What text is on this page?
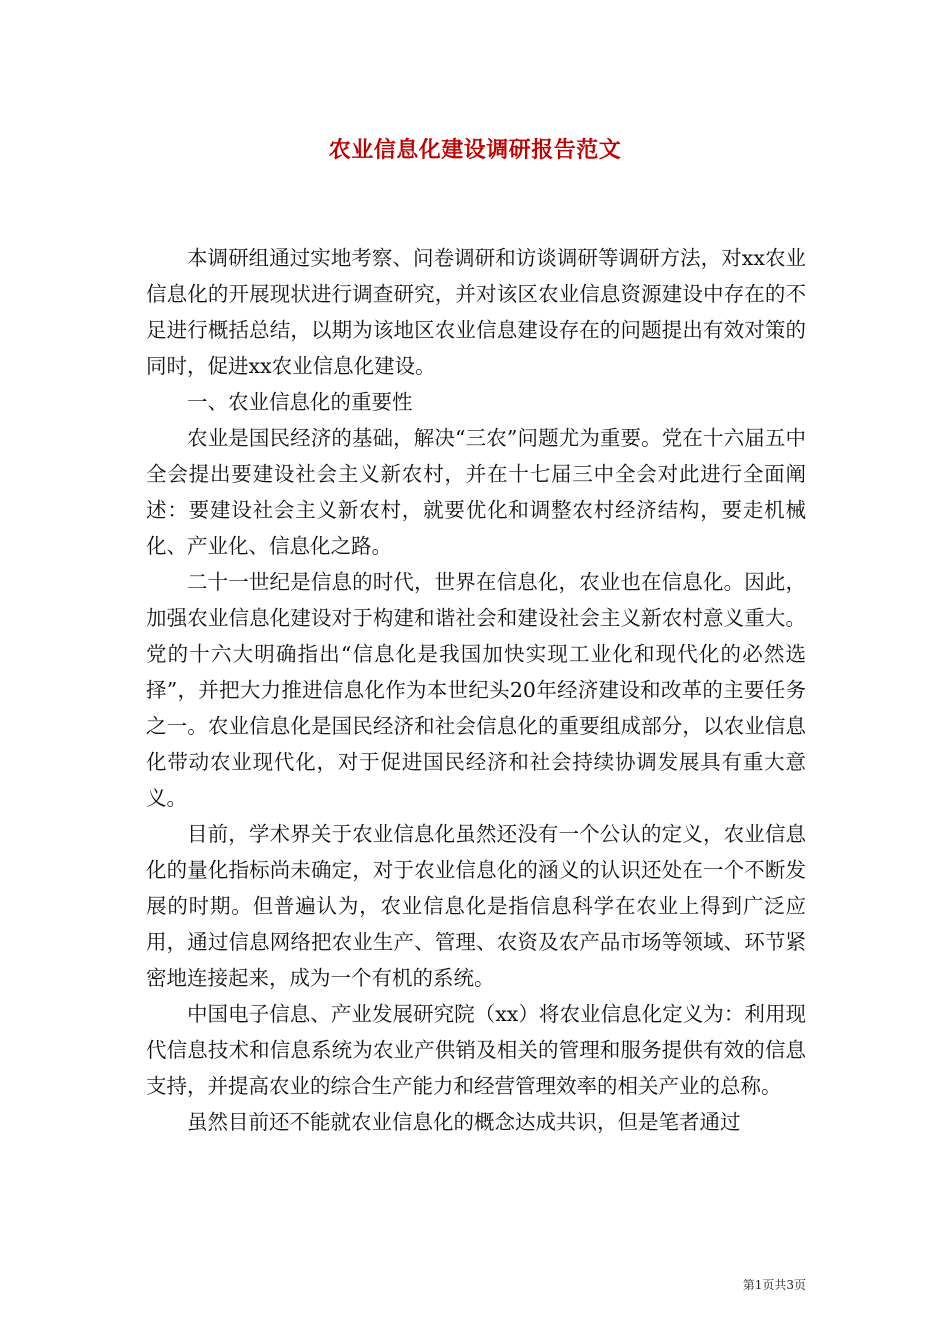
农业信息化建设调研报告范文

本调研组通过实地考察、问卷调研和访谈调研等调研方法，对xx农业信息化的开展现状进行调查研究，并对该区农业信息资源建设中存在的不足进行概括总结，以期为该地区农业信息建设存在的问题提出有效对策的同时，促进xx农业信息化建设。

一、农业信息化的重要性

农业是国民经济的基础，解决“三农”问题尤为重要。党在十六届五中全会提出要建设社会主义新农村，并在十七届三中全会对此进行全面阐述：要建设社会主义新农村，就要优化和调整农村经济结构，要走机械化、产业化、信息化之路。

二十一世纪是信息的时代，世界在信息化，农业也在信息化。因此，加强农业信息化建设对于构建和谐社会和建设社会主义新农村意义重大。党的十六大明确指出“信息化是我国加快实现工业化和现代化的必然选择”，并把大力推进信息化作为本世纪头20年经济建设和改革的主要任务之一。农业信息化是国民经济和社会信息化的重要组成部分，以农业信息化带动农业现代化，对于促进国民经济和社会持续协调发展具有重大意义。

目前，学术界关于农业信息化虽然还没有一个公认的定义，农业信息化的量化指标尚未确定，对于农业信息化的涵义的认识还处在一个不断发展的时期。但普遍认为，农业信息化是指信息科学在农业上得到广泛应用，通过信息网络把农业生产、管理、农资及农产品市场等领域、环节紧密地连接起来，成为一个有机的系统。

中国电子信息、产业发展研究院（xx）将农业信息化定义为：利用现代信息技术和信息系统为农业产供销及相关的管理和服务提供有效的信息支持，并提高农业的综合生产能力和经营管理效率的相关产业的总称。

虽然目前还不能就农业信息化的概念达成共识，但是笔者通过

第1页共3页
